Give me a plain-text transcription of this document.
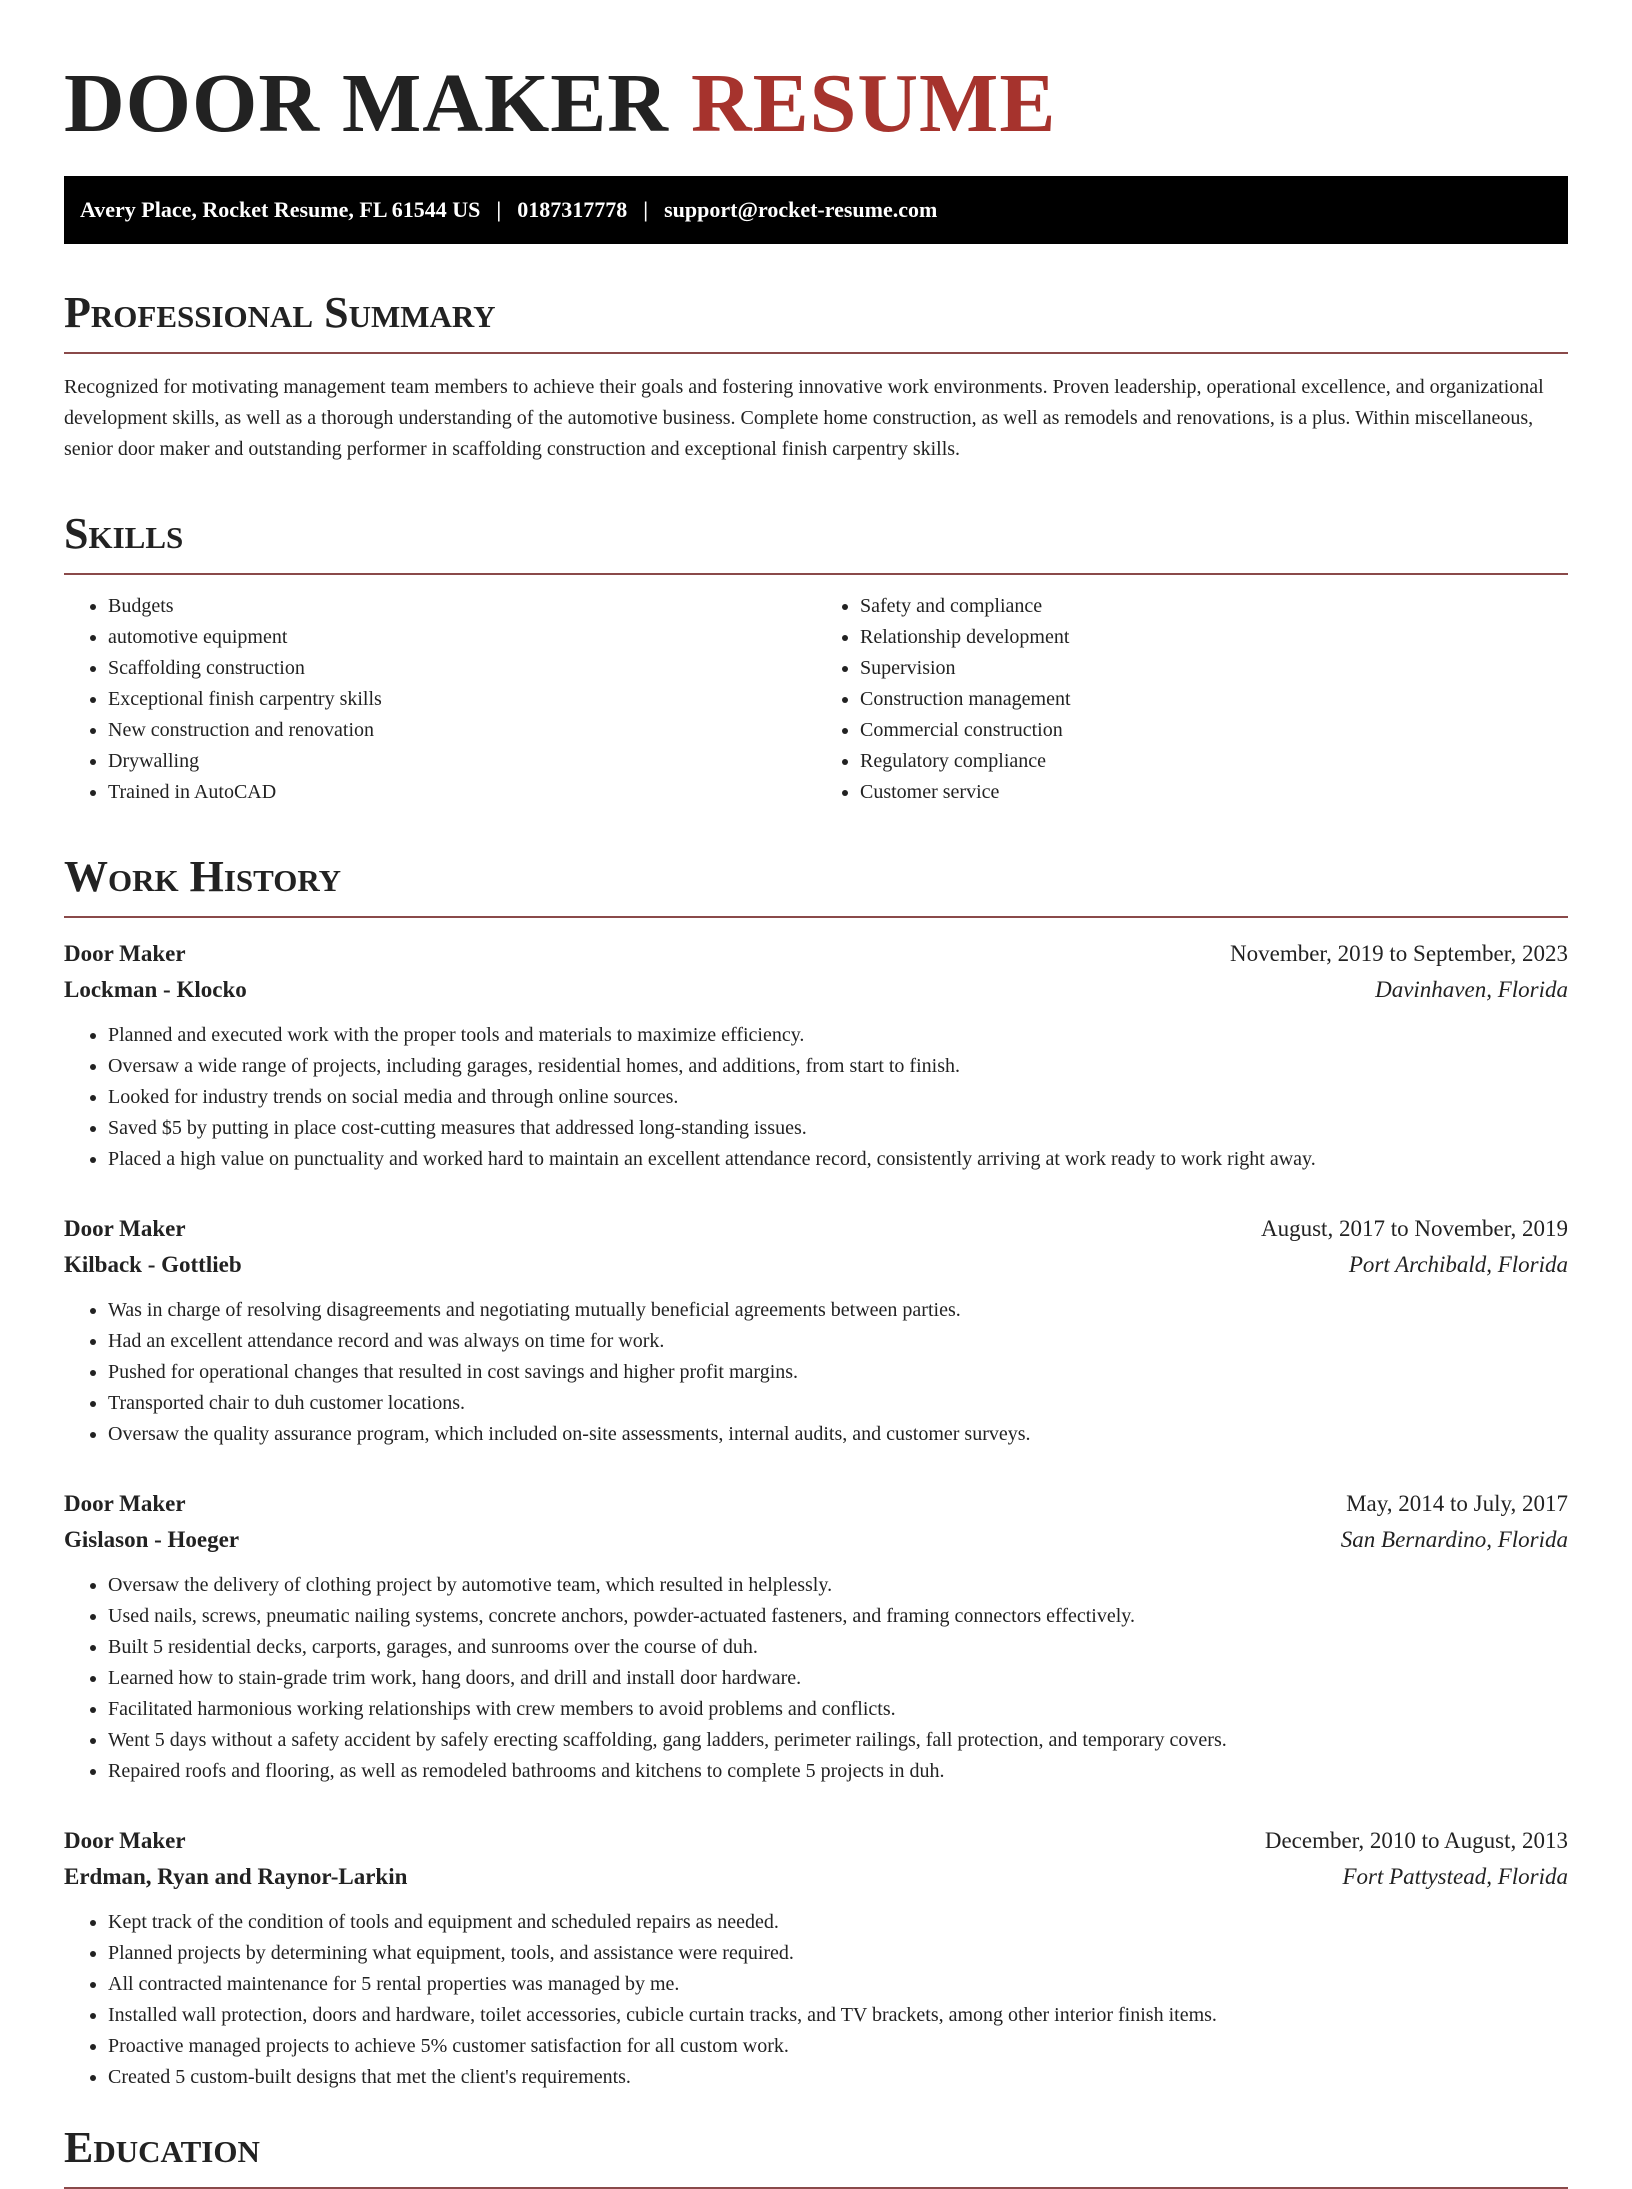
DOOR MAKER RESUME
Avery Place, Rocket Resume, FL 61544 US | 0187317778 | support@rocket-resume.com
Professional Summary

Recognized for motivating management team members to achieve their goals and fostering innovative work environments. Proven leadership, operational excellence, and organizational development skills, as well as a thorough understanding of the automotive business. Complete home construction, as well as remodels and renovations, is a plus. Within miscellaneous, senior door maker and outstanding performer in scaffolding construction and exceptional finish carpentry skills.

Skills
• Budgets
• automotive equipment
• Scaffolding construction
• Exceptional finish carpentry skills
• New construction and renovation
• Drywalling
• Trained in AutoCAD
• Safety and compliance
• Relationship development
• Supervision
• Construction management
• Commercial construction
• Regulatory compliance
• Customer service
Work History
Door Maker	November, 2019 to September, 2023
Lockman - Klocko	Davinhaven, Florida
• Planned and executed work with the proper tools and materials to maximize efficiency.
• Oversaw a wide range of projects, including garages, residential homes, and additions, from start to finish.
• Looked for industry trends on social media and through online sources.
• Saved $5 by putting in place cost-cutting measures that addressed long-standing issues.
• Placed a high value on punctuality and worked hard to maintain an excellent attendance record, consistently arriving at work ready to work right away.
Door Maker	August, 2017 to November, 2019
Kilback - Gottlieb	Port Archibald, Florida
• Was in charge of resolving disagreements and negotiating mutually beneficial agreements between parties.
• Had an excellent attendance record and was always on time for work.
• Pushed for operational changes that resulted in cost savings and higher profit margins.
• Transported chair to duh customer locations.
• Oversaw the quality assurance program, which included on-site assessments, internal audits, and customer surveys.
Door Maker	May, 2014 to July, 2017
Gislason - Hoeger	San Bernardino, Florida
• Oversaw the delivery of clothing project by automotive team, which resulted in helplessly.
• Used nails, screws, pneumatic nailing systems, concrete anchors, powder-actuated fasteners, and framing connectors effectively.
• Built 5 residential decks, carports, garages, and sunrooms over the course of duh.
• Learned how to stain-grade trim work, hang doors, and drill and install door hardware.
• Facilitated harmonious working relationships with crew members to avoid problems and conflicts.
• Went 5 days without a safety accident by safely erecting scaffolding, gang ladders, perimeter railings, fall protection, and temporary covers.
• Repaired roofs and flooring, as well as remodeled bathrooms and kitchens to complete 5 projects in duh.
Door Maker	December, 2010 to August, 2013
Erdman, Ryan and Raynor-Larkin	Fort Pattystead, Florida
• Kept track of the condition of tools and equipment and scheduled repairs as needed.
• Planned projects by determining what equipment, tools, and assistance were required.
• All contracted maintenance for 5 rental properties was managed by me.
• Installed wall protection, doors and hardware, toilet accessories, cubicle curtain tracks, and TV brackets, among other interior finish items.
• Proactive managed projects to achieve 5% customer satisfaction for all custom work.
• Created 5 custom-built designs that met the client's requirements.
Education
